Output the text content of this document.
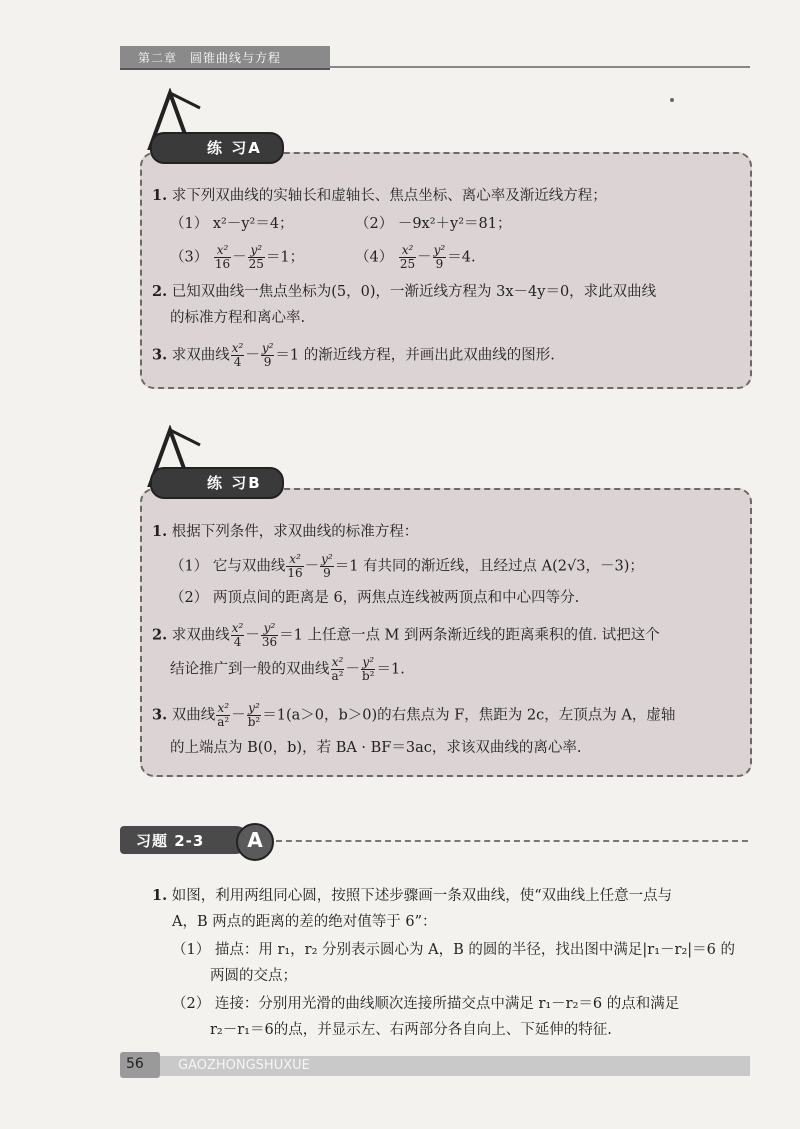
第二章　圆锥曲线与方程
练 习A
1. 求下列双曲线的实轴长和虚轴长、焦点坐标、离心率及渐近线方程；
（1） x²－y²＝4；	（2） －9x²＋y²＝81；
$(3) \frac{\text{x²}}{16} - \frac{\text{y²}}{25} =1$；	$(4) \frac{\text{x²}}{25} - \frac{\text{y²}}{9} =4$.
2. 已知双曲线一焦点坐标为(5，0)，一渐近线方程为 3x－4y＝0，求此双曲线
的标准方程和离心率.
3. 求双曲线 $\frac{\text{x²}}{4} - \frac{\text{y²}}{9} =1$ 的渐近线方程，并画出此双曲线的图形.
练 习B
1. 根据下列条件，求双曲线的标准方程：
（1） 它与双曲线 $\frac{\text{x²}}{16} - \frac{\text{y²}}{9} =1$ 有共同的渐近线，且经过点 A(2√3，－3)；
（2） 两顶点间的距离是 6，两焦点连线被两顶点和中心四等分.
2. 求双曲线 $\frac{\text{x²}}{4} - \frac{\text{y²}}{36} =1$ 上任意一点 M 到两条渐近线的距离乘积的值. 试把这个
结论推广到一般的双曲线 $\frac{\text{x²}}{\text{a²}} - \frac{\text{y²}}{\text{b²}} =1$.
3. 双曲线 $\frac{\text{x²}}{\text{a²}} - \frac{\text{y²}}{\text{b²}} =1(a>0$，b＞0)的右焦点为 F，焦距为 2c，左顶点为 A，虚轴
的上端点为 B(0，b)，若 BA · BF＝3ac，求该双曲线的离心率.
习题 2-3	A
1. 如图，利用两组同心圆，按照下述步骤画一条双曲线，使“双曲线上任意一点与
A，B 两点的距离的差的绝对值等于 6”：
（1） 描点：用 r₁，r₂ 分别表示圆心为 A，B 的圆的半径，找出图中满足|r₁－r₂|＝6 的
两圆的交点；
（2） 连接：分别用光滑的曲线顺次连接所描交点中满足 r₁－r₂＝6 的点和满足
r₂－r₁＝6的点，并显示左、右两部分各自向上、下延伸的特征.
56	GAOZHONGSHUXUE
